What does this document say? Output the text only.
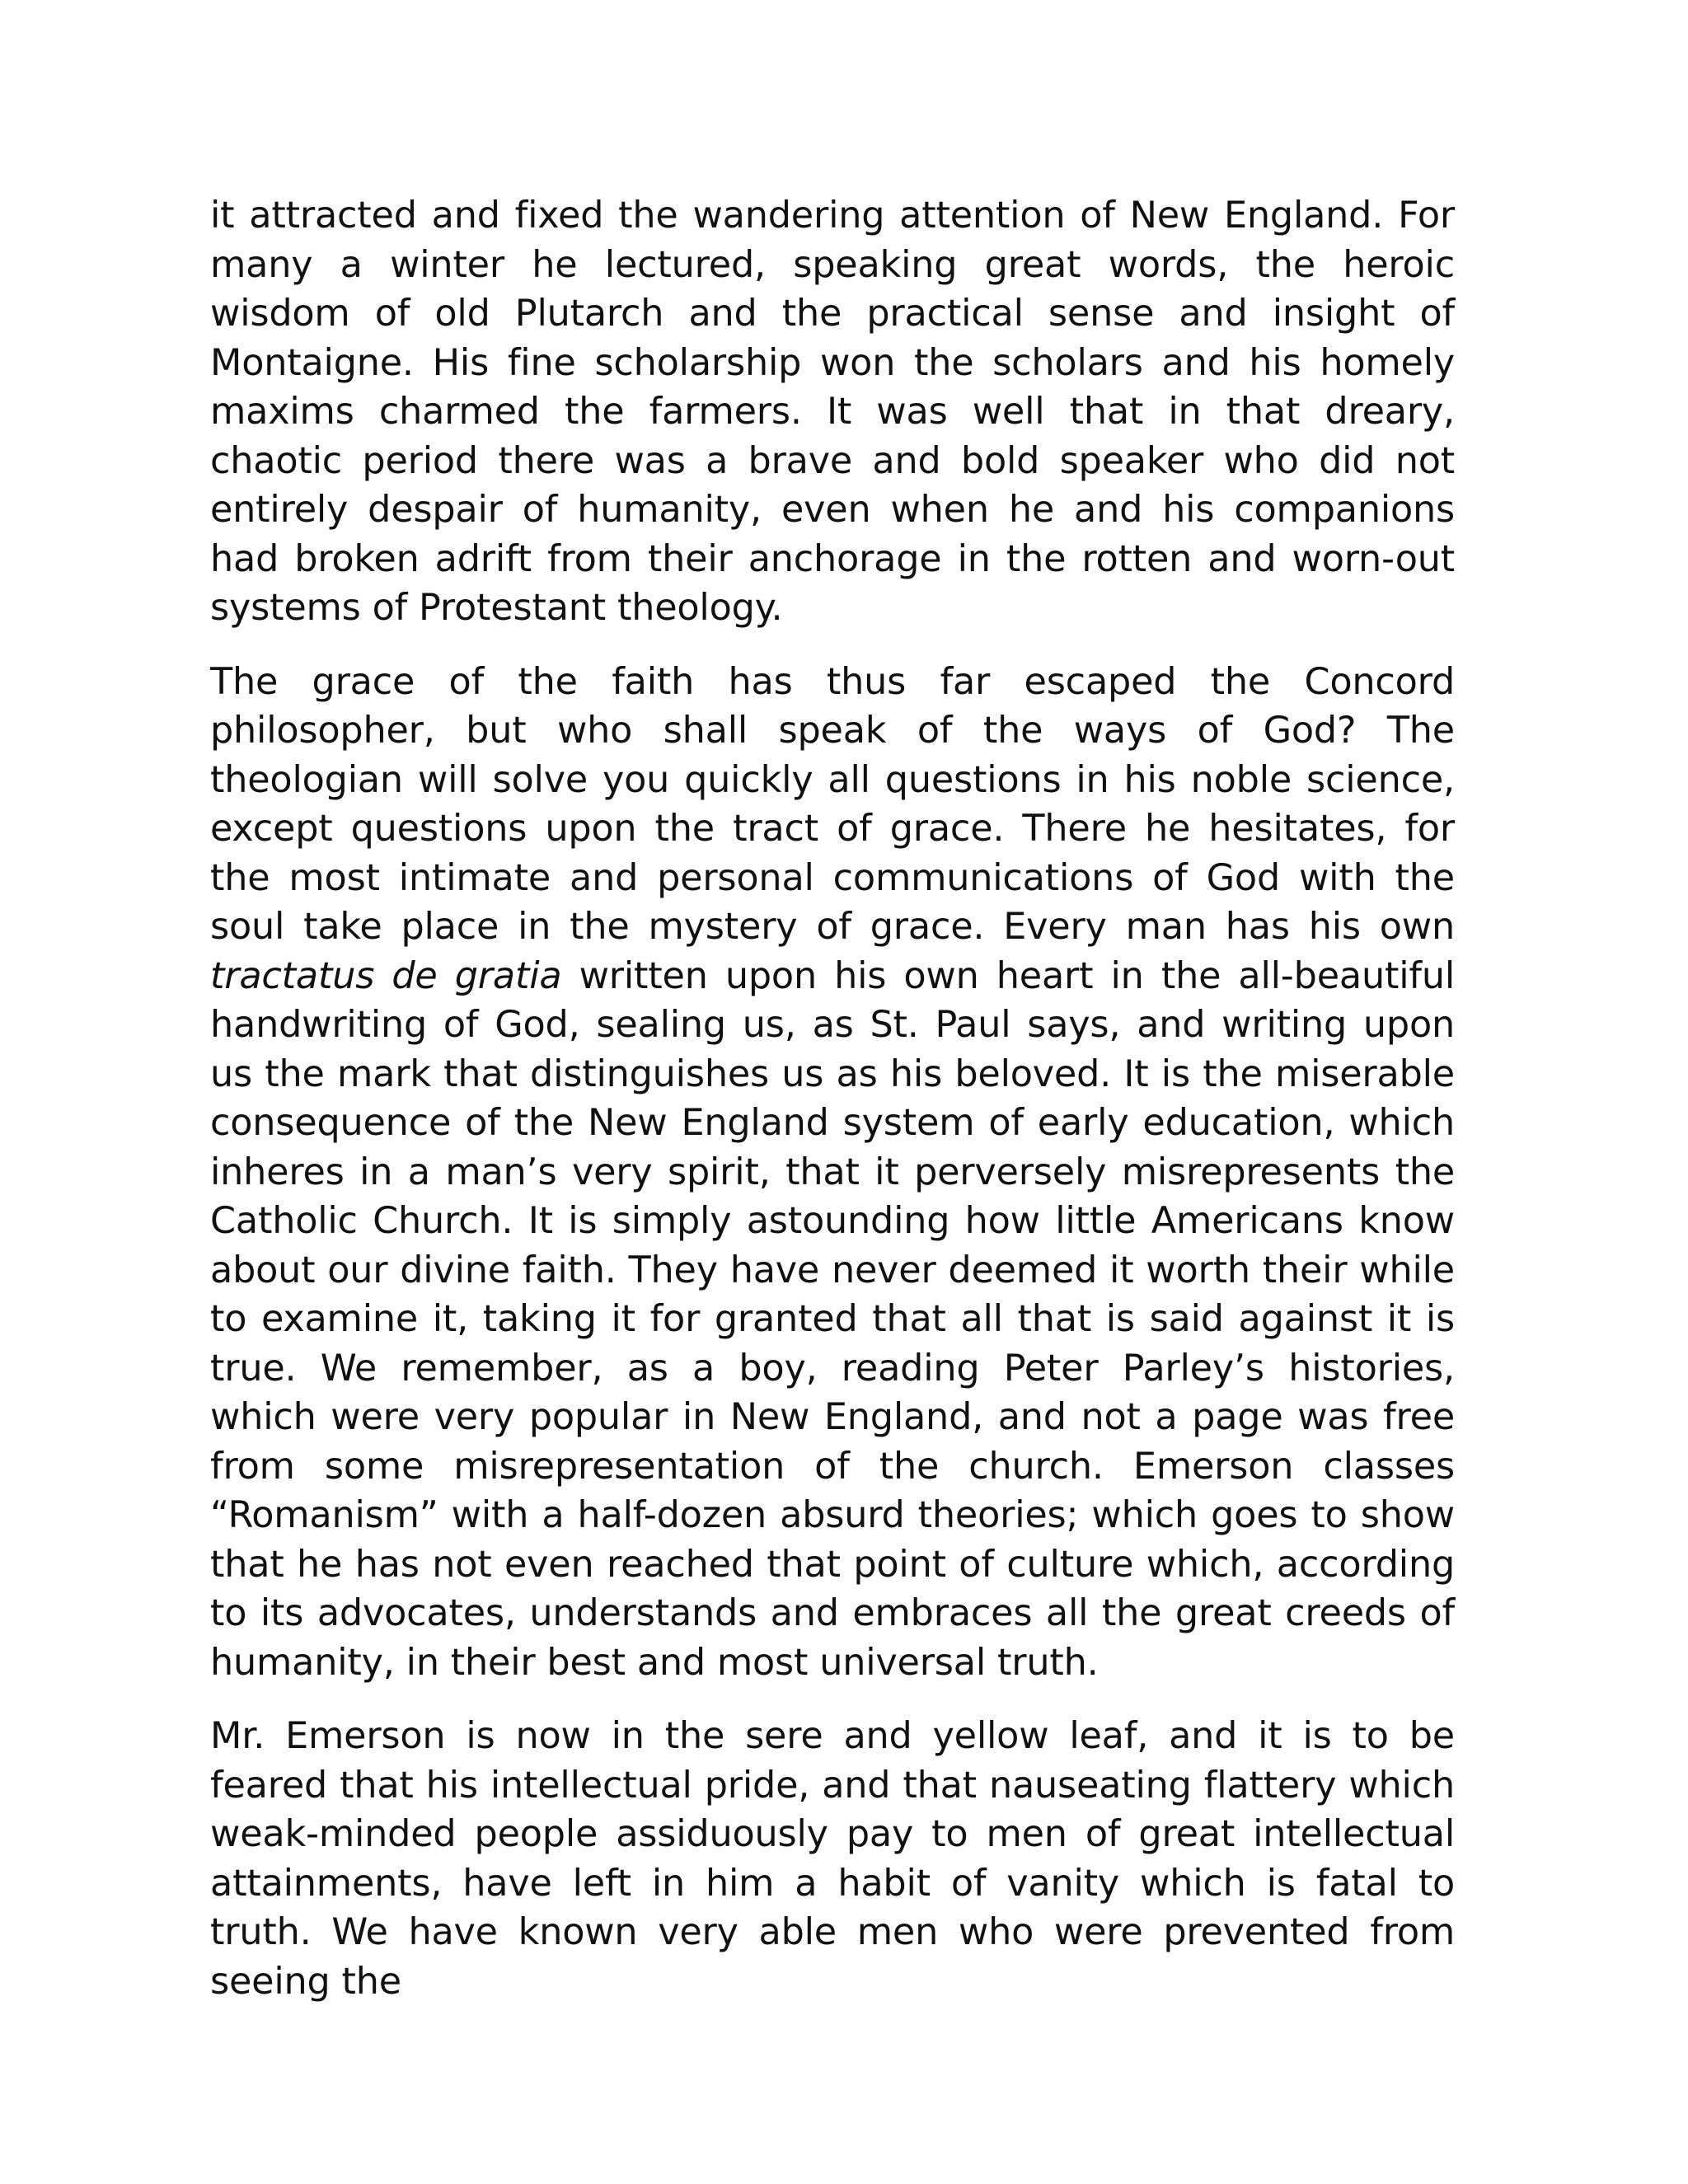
it attracted and fixed the wandering attention of New England. For many a winter he lectured, speaking great words, the heroic wisdom of old Plutarch and the practical sense and insight of Montaigne. His fine scholarship won the scholars and his homely maxims charmed the farmers. It was well that in that dreary, chaotic period there was a brave and bold speaker who did not entirely despair of humanity, even when he and his companions had broken adrift from their anchorage in the rotten and worn-out systems of Protestant theology.

The grace of the faith has thus far escaped the Concord philosopher, but who shall speak of the ways of God? The theologian will solve you quickly all questions in his noble science, except questions upon the tract of grace. There he hesitates, for the most intimate and personal communications of God with the soul take place in the mystery of grace. Every man has his own tractatus de gratia written upon his own heart in the all-beautiful handwriting of God, sealing us, as St. Paul says, and writing upon us the mark that distinguishes us as his beloved. It is the miserable consequence of the New England system of early education, which inheres in a man’s very spirit, that it perversely misrepresents the Catholic Church. It is simply astounding how little Americans know about our divine faith. They have never deemed it worth their while to examine it, taking it for granted that all that is said against it is true. We remember, as a boy, reading Peter Parley’s histories, which were very popular in New England, and not a page was free from some misrepresentation of the church. Emerson classes “Romanism” with a half-dozen absurd theories; which goes to show that he has not even reached that point of culture which, according to its advocates, understands and embraces all the great creeds of humanity, in their best and most universal truth.

Mr. Emerson is now in the sere and yellow leaf, and it is to be feared that his intellectual pride, and that nauseating flattery which weak-minded people assiduously pay to men of great intellectual attainments, have left in him a habit of vanity which is fatal to truth. We have known very able men who were prevented from seeing the
